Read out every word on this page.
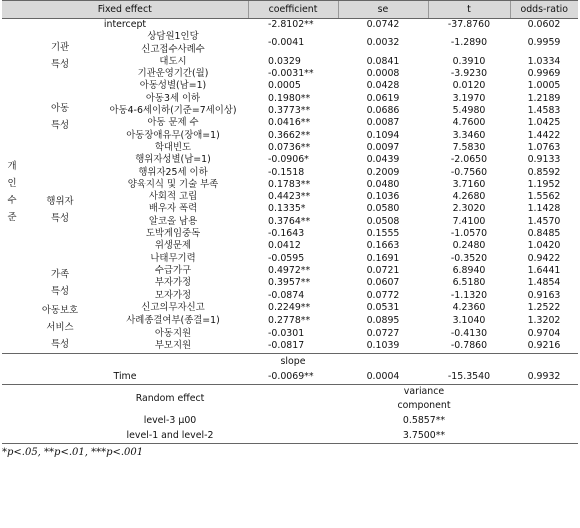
Fixed effect			coefficient	se	t	odds-ratio
intercept			-2.8102**	0.0742	-37.8760	0.0602
개
인
수
준	기관
특성	상담원1인당
신고접수사례수	-0.0041	0.0032	-1.2890	0.9959
		대도시	0.0329	0.0841	0.3910	1.0334
		기관운영기간(월)	-0.0031**	0.0008	-3.9230	0.9969
	아동
특성	아동성별(남=1)	0.0005	0.0428	0.0120	1.0005
		아동3세 이하	0.1980**	0.0619	3.1970	1.2189
		아동4-6세이하(기준=7세이상)	0.3773**	0.0686	5.4980	1.4583
		아동 문제 수	0.0416**	0.0087	4.7600	1.0425
		아동장애유무(장애=1)	0.3662**	0.1094	3.3460	1.4422
		학대빈도	0.0736**	0.0097	7.5830	1.0763
	행위자
특성	행위자성별(남=1)	-0.0906*	0.0439	-2.0650	0.9133
		행위자25세 이하	-0.1518	0.2009	-0.7560	0.8592
		양육지식 및 기술 부족	0.1783**	0.0480	3.7160	1.1952
		사회적 고립	0.4423**	0.1036	4.2680	1.5562
		배우자 폭력	0.1335*	0.0580	2.3020	1.1428
		알코올 남용	0.3764**	0.0508	7.4100	1.4570
		도박게임중독	-0.1643	0.1555	-1.0570	0.8485
		위생문제	0.0412	0.1663	0.2480	1.0420
		나태무기력	-0.0595	0.1691	-0.3520	0.9422
	가족
특성	수급가구	0.4972**	0.0721	6.8940	1.6441
		부자가정	0.3957**	0.0607	6.5180	1.4854
		모자가정	-0.0874	0.0772	-1.1320	0.9163
	아동보호
서비스
특성	신고의무자신고	0.2249**	0.0531	4.2360	1.2522
		사례종결여부(종결=1)	0.2778**	0.0895	3.1040	1.3202
		아동지원	-0.0301	0.0727	-0.4130	0.9704
		부모지원	-0.0817	0.1039	-0.7860	0.9216
			slope			
Time			-0.0069**	0.0004	-15.3540	0.9932
Random effect				variance
component		
level-3 μ00				0.5857**		
level-1 and level-2				3.7500**		
*p<.05, **p<.01, ***p<.001
